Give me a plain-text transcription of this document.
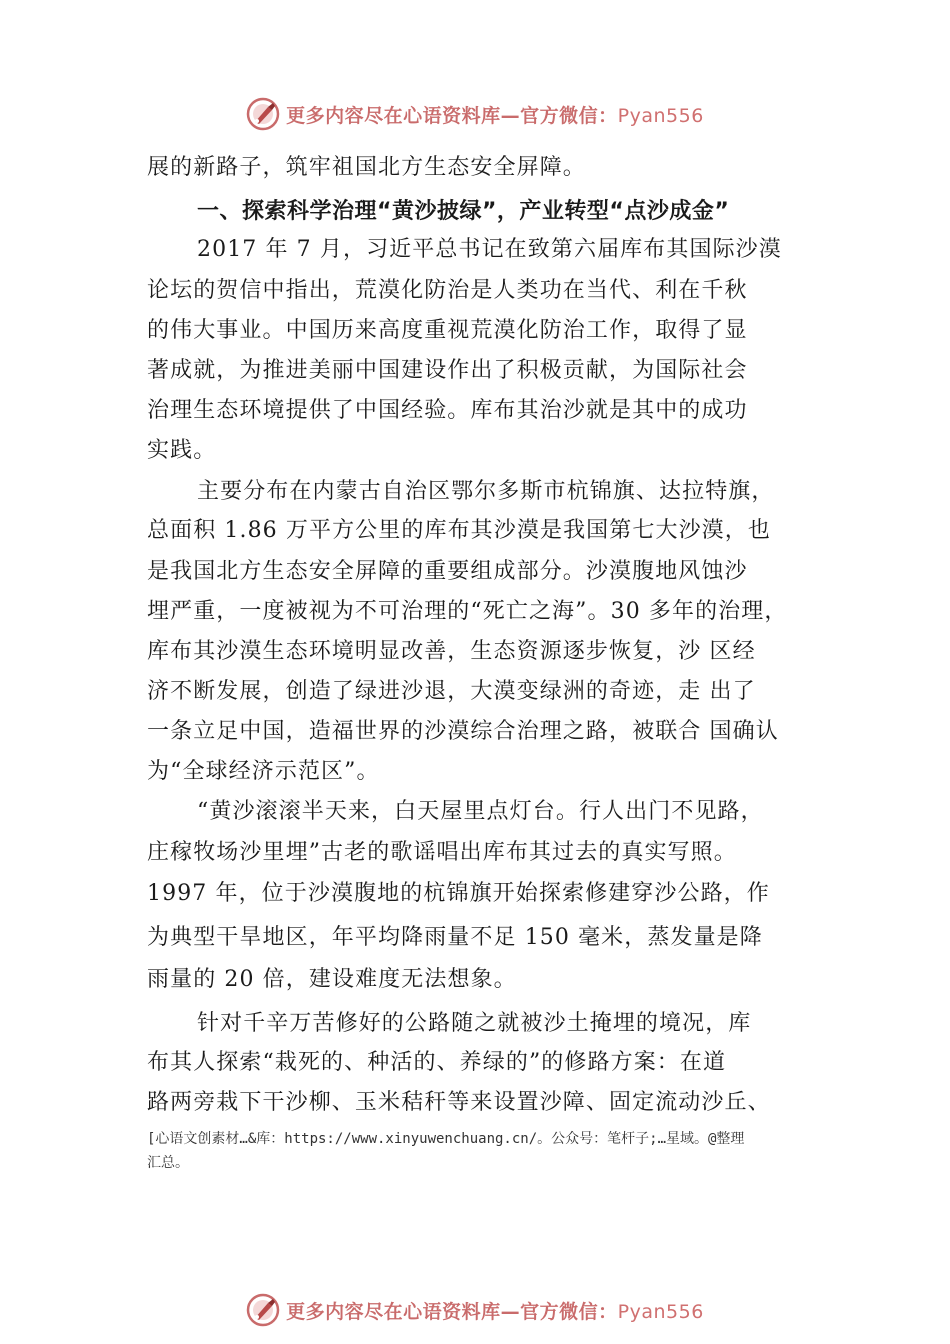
更多内容尽在心语资料库—官方微信：Pyan556
展的新路子，筑牢祖国北方生态安全屏障。
一、探索科学治理“黄沙披绿”，产业转型“点沙成金”
2017 年 7 月，习近平总书记在致第六届库布其国际沙漠
论坛的贺信中指出，荒漠化防治是人类功在当代、利在千秋
的伟大事业。中国历来高度重视荒漠化防治工作，取得了显
著成就，为推进美丽中国建设作出了积极贡献，为国际社会
治理生态环境提供了中国经验。库布其治沙就是其中的成功
实践。
主要分布在内蒙古自治区鄂尔多斯市杭锦旗、达拉特旗，
总面积 1.86 万平方公里的库布其沙漠是我国第七大沙漠，也
是我国北方生态安全屏障的重要组成部分。沙漠腹地风蚀沙
埋严重，一度被视为不可治理的“死亡之海”。30 多年的治理，
库布其沙漠生态环境明显改善，生态资源逐步恢复，沙 区经
济不断发展，创造了绿进沙退，大漠变绿洲的奇迹，走 出了
一条立足中国，造福世界的沙漠综合治理之路，被联合 国确认
为“全球经济示范区”。
“黄沙滚滚半天来，白天屋里点灯台。行人出门不见路，
庄稼牧场沙里埋”古老的歌谣唱出库布其过去的真实写照。
1997 年，位于沙漠腹地的杭锦旗开始探索修建穿沙公路，作
为典型干旱地区，年平均降雨量不足 150 毫米，蒸发量是降
雨量的 20 倍，建设难度无法想象。
针对千辛万苦修好的公路随之就被沙土掩埋的境况，库
布其人探索“栽死的、种活的、养绿的”的修路方案：在道
路两旁栽下干沙柳、玉米秸秆等来设置沙障、固定流动沙丘、
[心语文创素材…&库：https://www.xinyuwenchuang.cn/。公众号：笔杆子;…星域。@整理
汇总。
更多内容尽在心语资料库—官方微信：Pyan556
